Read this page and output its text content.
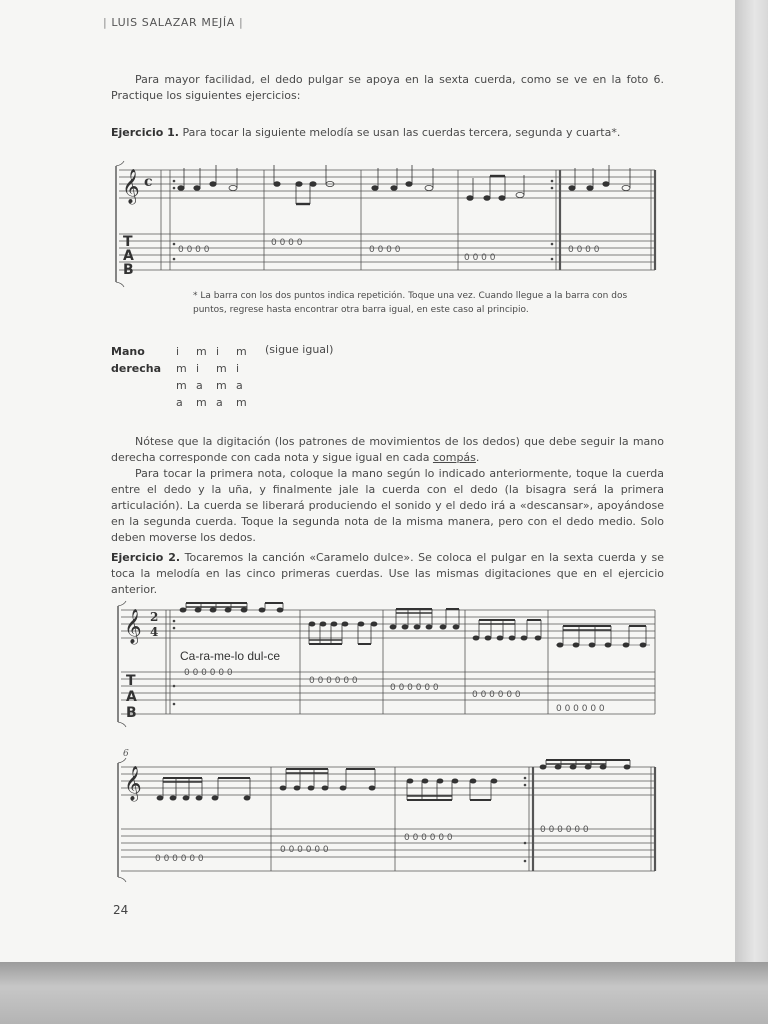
| LUIS SALAZAR MEJÍA |
Para mayor facilidad, el dedo pulgar se apoya en la sexta cuerda, como se ve en la foto 6. Practique los siguientes ejercicios:
Ejercicio 1. Para tocar la siguiente melodía se usan las cuerdas tercera, segunda y cuarta*.
𝄞 c
T
A
B
0 0 0 0
0 0 0 0
0 0 0 0
0 0 0 0
0 0 0 0
𝄞 2
4
Ca-ra-me-lo dul-ce
T
A
B
0 0 0 0 0 0
0 0 0 0 0 0
0 0 0 0 0 0
0 0 0 0 0 0
0 0 0 0 0 0
6
𝄞
0 0 0 0 0 0
0 0 0 0 0 0
0 0 0 0 0 0
0 0 0 0 0 0
* La barra con los dos puntos indica repetición. Toque una vez. Cuando llegue a la barra con dos puntos, regrese hasta encontrar otra barra igual, en este caso al principio.
Mano
derecha
i m i m
m i m i
m a m a
a m a m
(sigue igual)
Nótese que la digitación (los patrones de movimientos de los dedos) que debe seguir la mano derecha corresponde con cada nota y sigue igual en cada compás.
Para tocar la primera nota, coloque la mano según lo indicado anteriormente, toque la cuerda entre el dedo y la uña, y finalmente jale la cuerda con el dedo (la bisagra será la primera articulación). La cuerda se liberará produciendo el sonido y el dedo irá a «descansar», apoyándose en la segunda cuerda. Toque la segunda nota de la misma manera, pero con el dedo medio. Solo deben moverse los dedos.
Ejercicio 2. Tocaremos la canción «Caramelo dulce». Se coloca el pulgar en la sexta cuerda y se toca la melodía en las cinco primeras cuerdas. Use las mismas digitaciones que en el ejercicio anterior.
24
